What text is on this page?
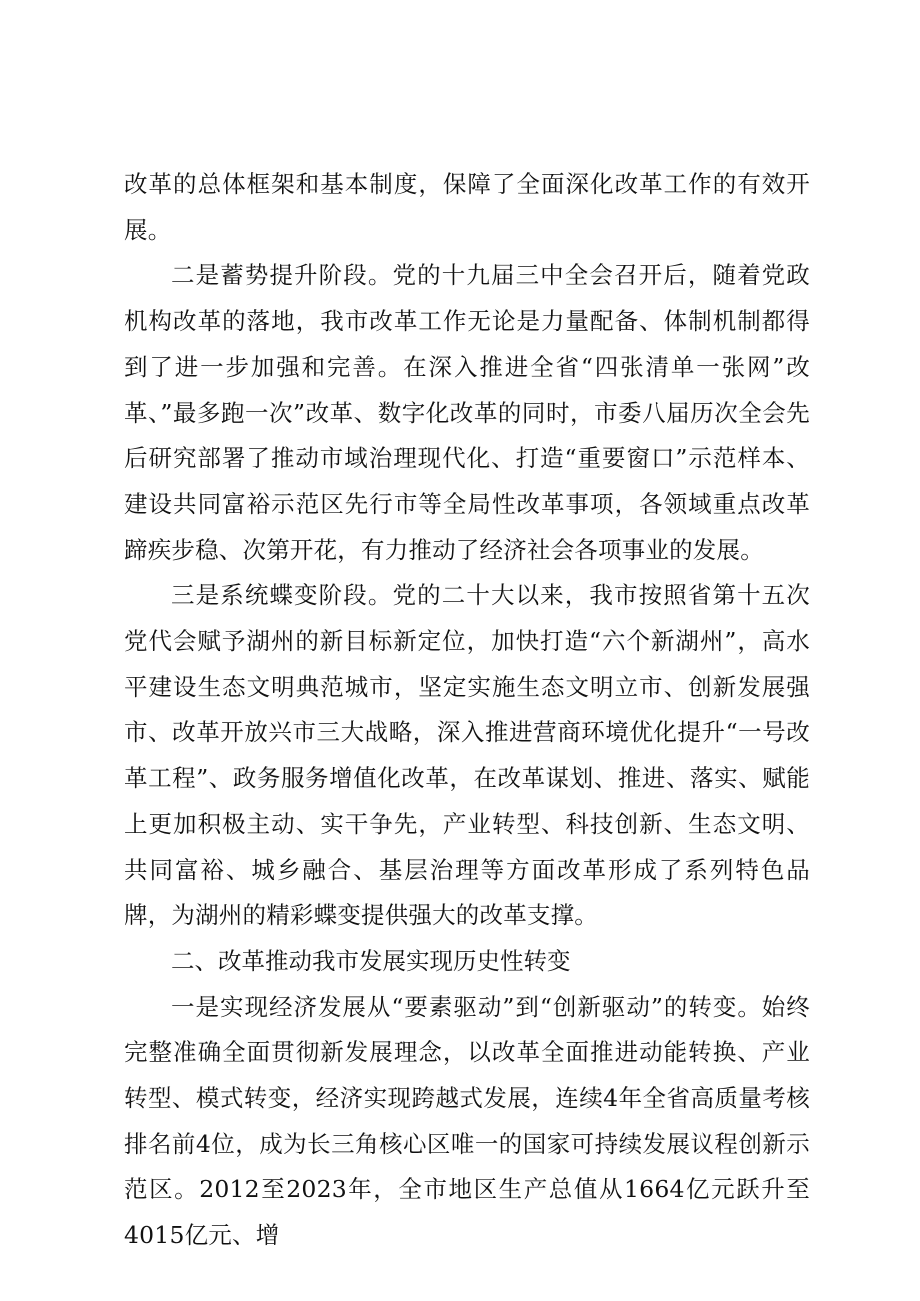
改革的总体框架和基本制度，保障了全面深化改革工作的有效开展。

二是蓄势提升阶段。党的十九届三中全会召开后，随着党政机构改革的落地，我市改革工作无论是力量配备、体制机制都得到了进一步加强和完善。在深入推进全省“四张清单一张网”改革、”最多跑一次”改革、数字化改革的同时，市委八届历次全会先后研究部署了推动市域治理现代化、打造“重要窗口”示范样本、建设共同富裕示范区先行市等全局性改革事项，各领域重点改革蹄疾步稳、次第开花，有力推动了经济社会各项事业的发展。

三是系统蝶变阶段。党的二十大以来，我市按照省第十五次党代会赋予湖州的新目标新定位，加快打造“六个新湖州”，高水平建设生态文明典范城市，坚定实施生态文明立市、创新发展强市、改革开放兴市三大战略，深入推进营商环境优化提升“一号改革工程”、政务服务增值化改革，在改革谋划、推进、落实、赋能上更加积极主动、实干争先，产业转型、科技创新、生态文明、共同富裕、城乡融合、基层治理等方面改革形成了系列特色品牌，为湖州的精彩蝶变提供强大的改革支撑。

二、改革推动我市发展实现历史性转变

一是实现经济发展从“要素驱动”到“创新驱动”的转变。始终完整准确全面贯彻新发展理念，以改革全面推进动能转换、产业转型、模式转变，经济实现跨越式发展，连续4年全省高质量考核排名前4位，成为长三角核心区唯一的国家可持续发展议程创新示范区。2012至2023年，全市地区生产总值从1664亿元跃升至4015亿元、增
